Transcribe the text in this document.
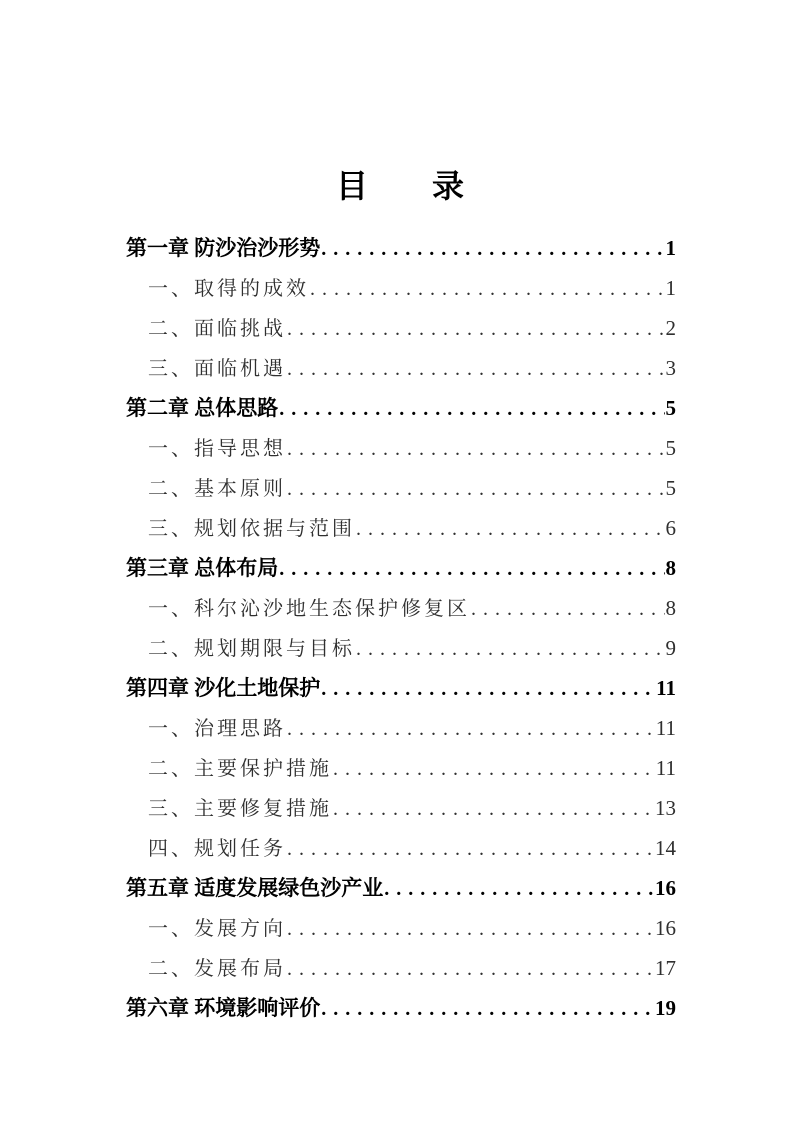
目　　录
第一章 防沙治沙形势 .....	1
一、取得的成效 .....	1
二、面临挑战 .....	2
三、面临机遇 .....	3
第二章 总体思路 .....	5
一、指导思想 .....	5
二、基本原则 .....	5
三、规划依据与范围 .....	6
第三章 总体布局 .....	8
一、科尔沁沙地生态保护修复区 .....	8
二、规划期限与目标 .....	9
第四章 沙化土地保护 .....	11
一、治理思路 .....	11
二、主要保护措施 .....	11
三、主要修复措施 .....	13
四、规划任务 .....	14
第五章 适度发展绿色沙产业 .....	16
一、发展方向 .....	16
二、发展布局 .....	17
第六章 环境影响评价 .....	19
